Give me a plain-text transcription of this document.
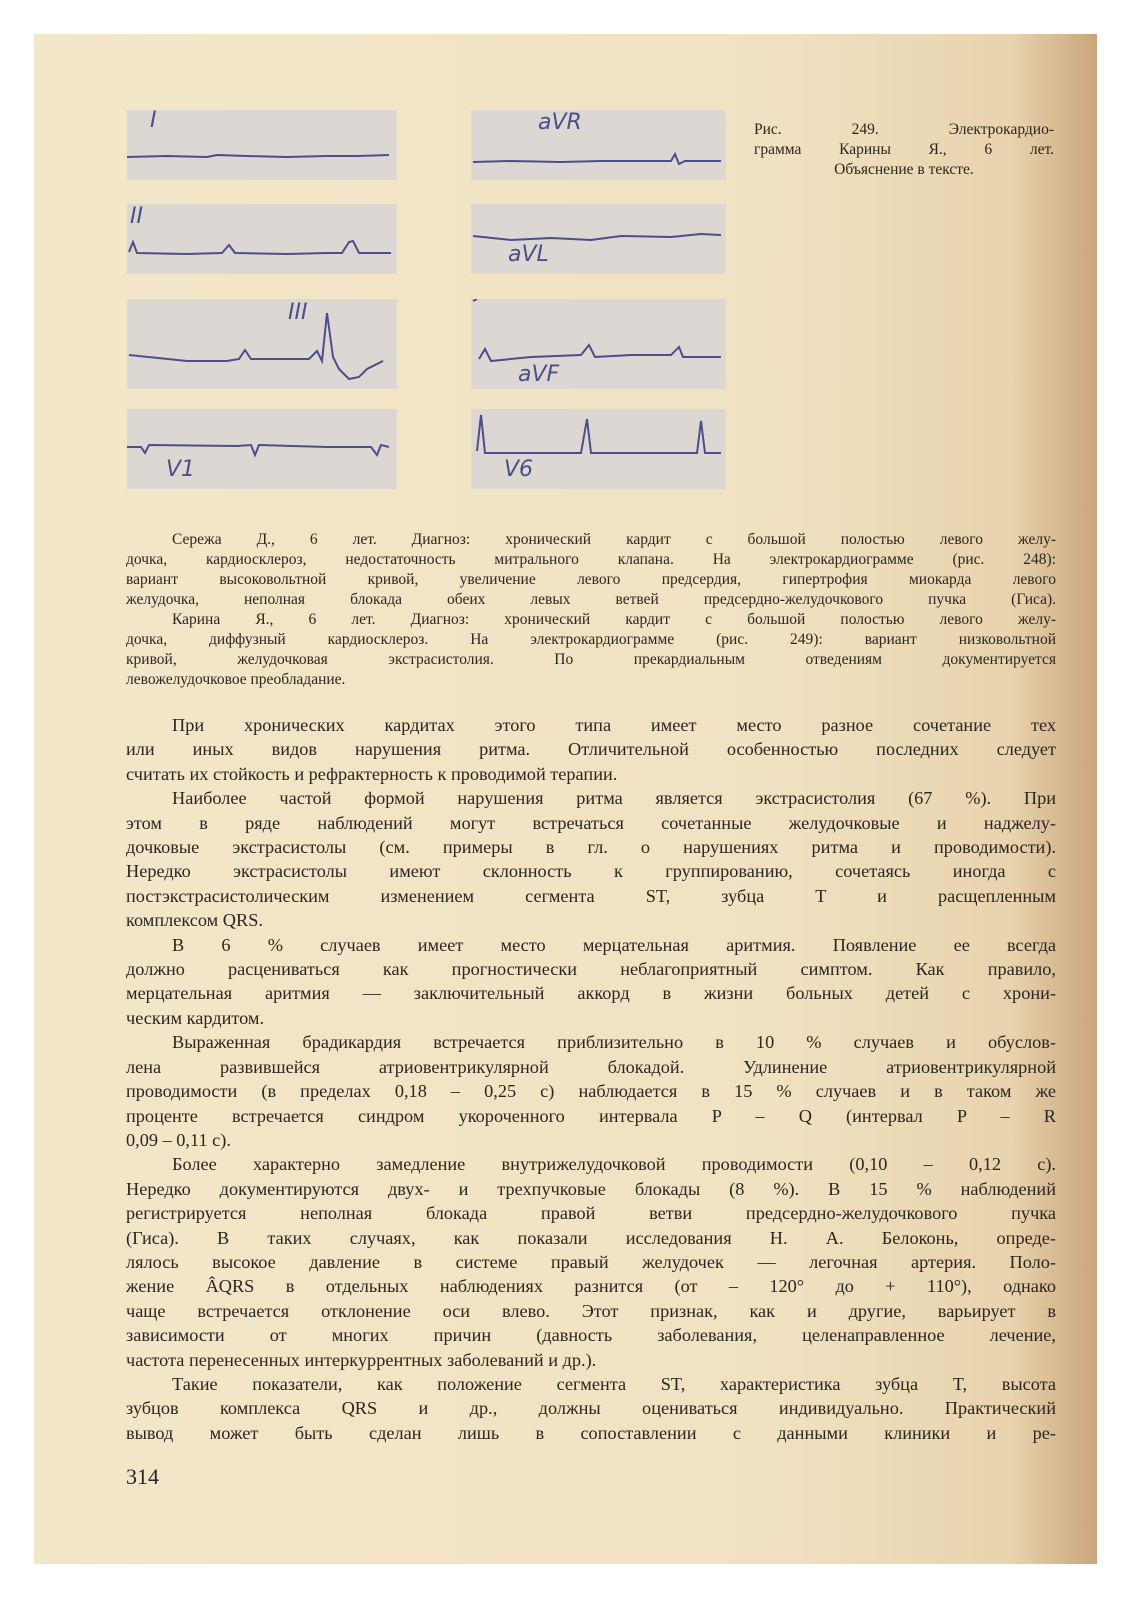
I
II
III
V1
aVR
aVL
aVF
V6
Рис. 249. Электрокардио-
грамма Карины Я., 6 лет.
Объяснение в тексте.
Сережа Д., 6 лет. Диагноз: хронический кардит с большой полостью левого желу-
дочка, кардиосклероз, недостаточность митрального клапана. На электрокардиограмме (рис. 248):
вариант высоковольтной кривой, увеличение левого предсердия, гипертрофия миокарда левого
желудочка, неполная блокада обеих левых ветвей предсердно-желудочкового пучка (Гиса).
Карина Я., 6 лет. Диагноз: хронический кардит с большой полостью левого желу-
дочка, диффузный кардиосклероз. На электрокардиограмме (рис. 249): вариант низковольтной
кривой, желудочковая экстрасистолия. По прекардиальным отведениям документируется
левожелудочковое преобладание.
При хронических кардитах этого типа имеет место разное сочетание тех
или иных видов нарушения ритма. Отличительной особенностью последних следует
считать их стойкость и рефрактерность к проводимой терапии.
Наиболее частой формой нарушения ритма является экстрасистолия (67 %). При
этом в ряде наблюдений могут встречаться сочетанные желудочковые и наджелу-
дочковые экстрасистолы (см. примеры в гл. о нарушениях ритма и проводимости).
Нередко экстрасистолы имеют склонность к группированию, сочетаясь иногда с
постэкстрасистолическим изменением сегмента ST, зубца T и расщепленным
комплексом QRS.
В 6 % случаев имеет место мерцательная аритмия. Появление ее всегда
должно расцениваться как прогностически неблагоприятный симптом. Как правило,
мерцательная аритмия — заключительный аккорд в жизни больных детей с хрони-
ческим кардитом.
Выраженная брадикардия встречается приблизительно в 10 % случаев и обуслов-
лена развившейся атриовентрикулярной блокадой. Удлинение атриовентрикулярной
проводимости (в пределах 0,18 – 0,25 с) наблюдается в 15 % случаев и в таком же
проценте встречается синдром укороченного интервала P – Q (интервал P – R
0,09 – 0,11 с).
Более характерно замедление внутрижелудочковой проводимости (0,10 – 0,12 с).
Нередко документируются двух- и трехпучковые блокады (8 %). В 15 % наблюдений
регистрируется неполная блокада правой ветви предсердно-желудочкового пучка
(Гиса). В таких случаях, как показали исследования Н. А. Белоконь, опреде-
лялось высокое давление в системе правый желудочек — легочная артерия. Поло-
жение ÂQRS в отдельных наблюдениях разнится (от – 120° до + 110°), однако
чаще встречается отклонение оси влево. Этот признак, как и другие, варьирует в
зависимости от многих причин (давность заболевания, целенаправленное лечение,
частота перенесенных интеркуррентных заболеваний и др.).
Такие показатели, как положение сегмента ST, характеристика зубца T, высота
зубцов комплекса QRS и др., должны оцениваться индивидуально. Практический
вывод может быть сделан лишь в сопоставлении с данными клиники и ре-
314
